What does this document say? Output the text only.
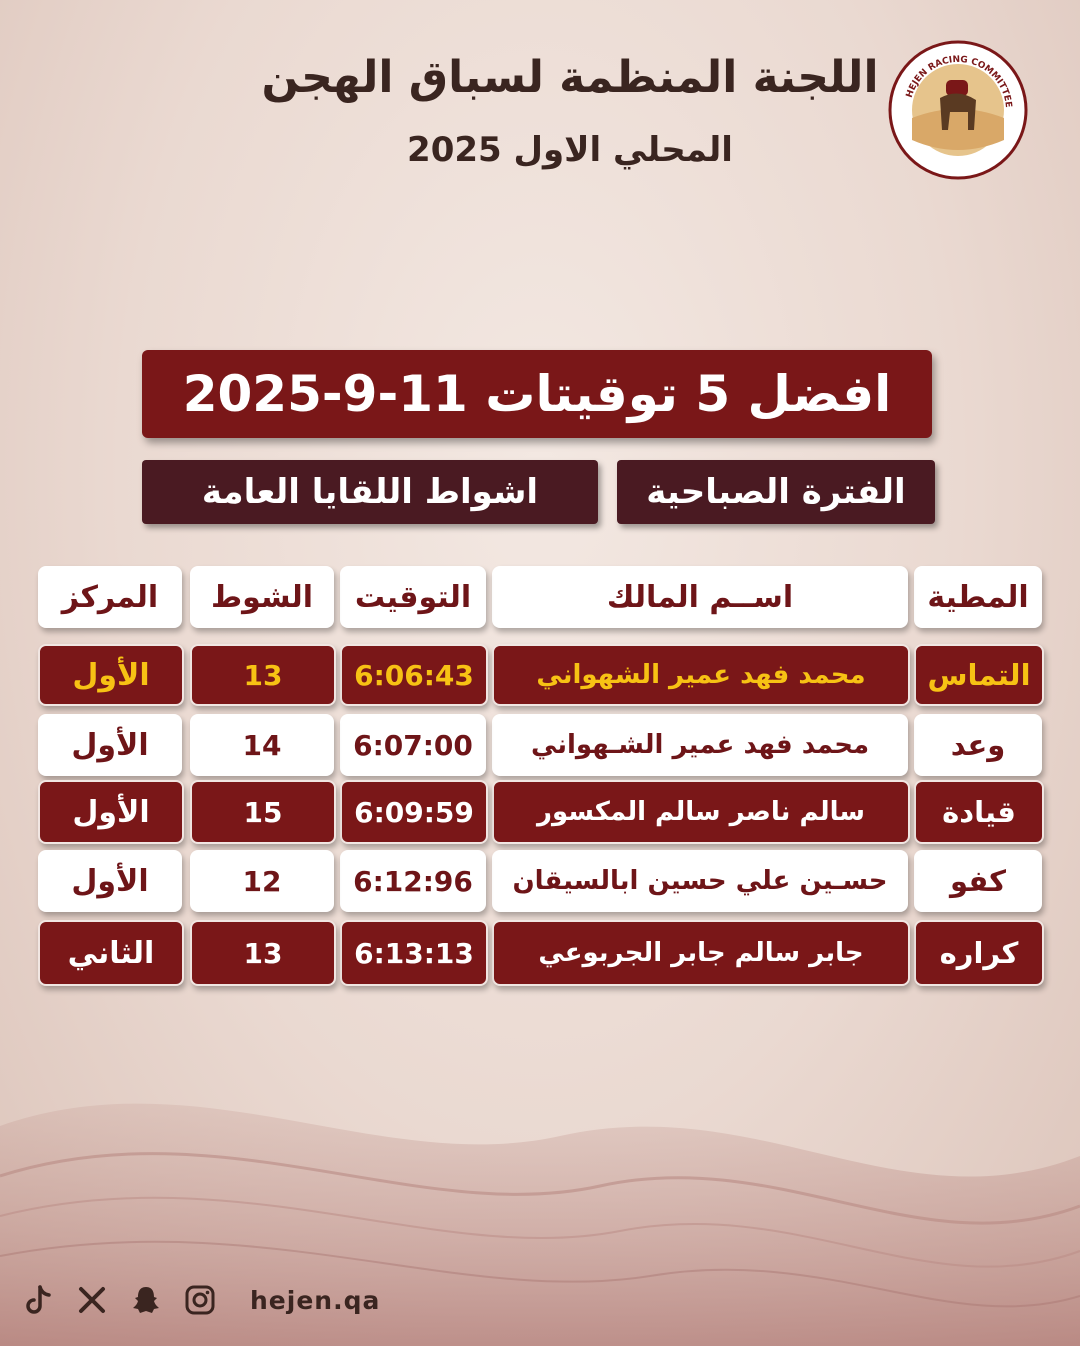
اللجنة المنظمة لسباق الهجن
المحلي الاول 2025
HEJEN RACING COMMITTEE
افضل 5 توقيتات 11-9-2025
الفترة الصباحية
اشواط اللقايا العامة
المطية
اســم المالك
التوقيت
الشوط
المركز
التماس
محمد فهد عمير الشهواني
6:06:43
13
الأول
وعد
محمد فهد عمير الشـهواني
6:07:00
14
الأول
قيادة
سالم ناصر سالم المكسور
6:09:59
15
الأول
كفو
حسـين علي حسين ابالسيقان
6:12:96
12
الأول
كراره
جابر سالم جابر الجربوعي
6:13:13
13
الثاني
hejen.qa
